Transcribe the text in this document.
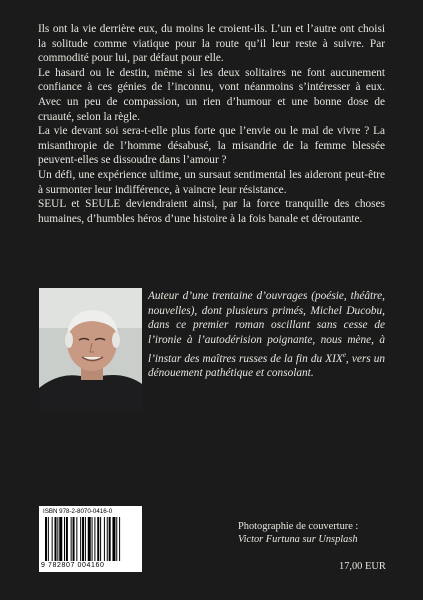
Ils ont la vie derrière eux, du moins le croient-ils. L’un et l’autre ont choisi la solitude comme viatique pour la route qu’il leur reste à suivre. Par commodité pour lui, par défaut pour elle.

Le hasard ou le destin, même si les deux solitaires ne font aucunement confiance à ces génies de l’inconnu, vont néanmoins s’intéresser à eux. Avec un peu de compassion, un rien d’humour et une bonne dose de cruauté, selon la règle.

La vie devant soi sera-t-elle plus forte que l’envie ou le mal de vivre ? La misanthropie de l’homme désabusé, la misandrie de la femme blessée peuvent-elles se dissoudre dans l’amour ?

Un défi, une expérience ultime, un sursaut sentimental les aideront peut-être à surmonter leur indifférence, à vaincre leur résistance.

SEUL et SEULE deviendraient ainsi, par la force tranquille des choses humaines, d’humbles héros d’une histoire à la fois banale et déroutante.

Auteur d’une trentaine d’ouvrages (poésie, théâtre, nouvelles), dont plusieurs primés, Michel Ducobu, dans ce premier roman oscillant sans cesse de l’ironie à l’autodérision poignante, nous mène, à l’instar des maîtres russes de la fin du XIXe, vers un dénouement pathétique et consolant.

ISBN 978-2-8070-0416-0
9 782807 004160
Photographie de couverture :
Victor Furtuna sur Unsplash
17,00 EUR
